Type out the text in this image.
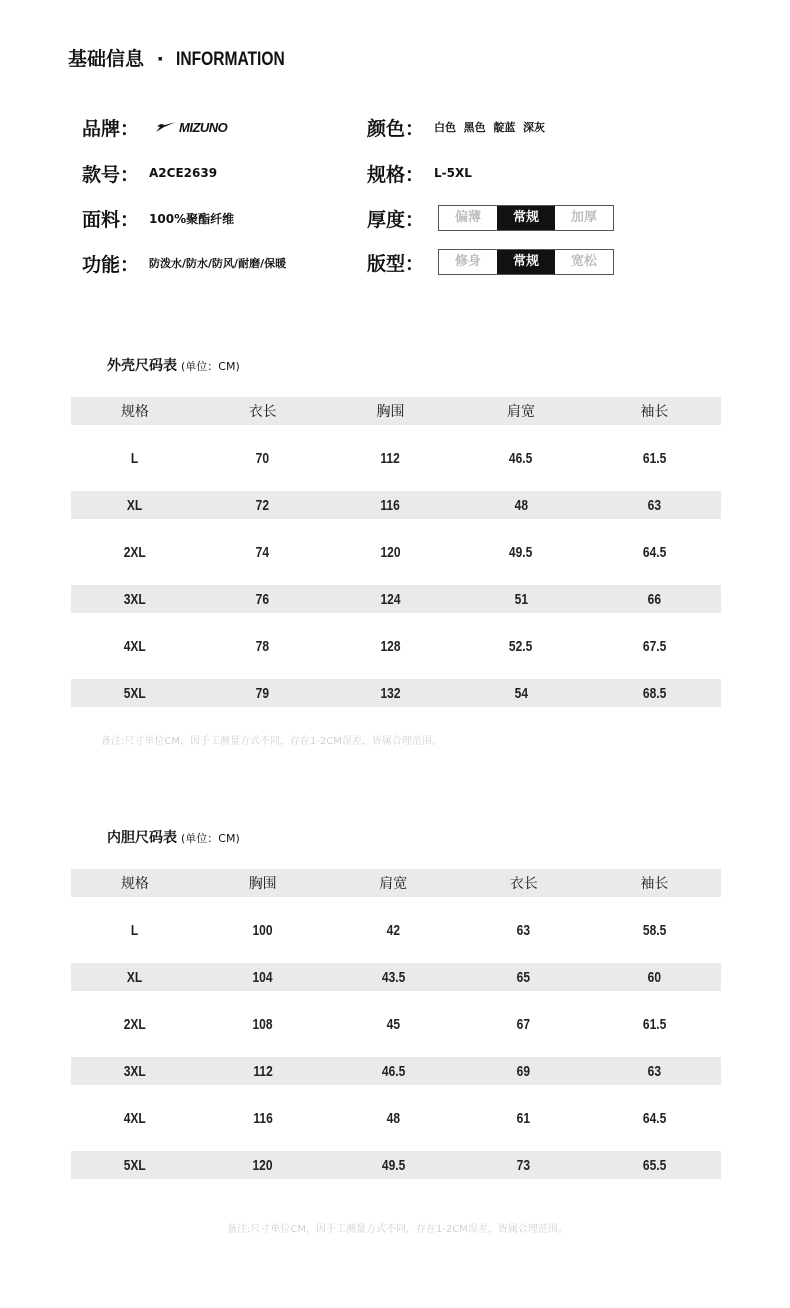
基础信息 · INFORMATION
品牌：	MIZUNO
款号： A2CE2639
面料： 100%聚酯纤维
功能： 防泼水/防水/防风/耐磨/保暖
颜色： 白色  黑色  靛蓝  深灰
规格： L-5XL
厚度：	偏薄	常规	加厚
版型：	修身	常规	宽松
外壳尺码表 (单位：CM)
规格	衣长	胸围	肩宽	袖长
L	70	112	46.5	61.5
XL	72	116	48	63
2XL	74	120	49.5	64.5
3XL	76	124	51	66
4XL	78	128	52.5	67.5
5XL	79	132	54	68.5
备注:尺寸单位CM，因手工测量方式不同，存在1-2CM误差，皆属合理范围。
内胆尺码表 (单位：CM)
规格	胸围	肩宽	衣长	袖长
L	100	42	63	58.5
XL	104	43.5	65	60
2XL	108	45	67	61.5
3XL	112	46.5	69	63
4XL	116	48	61	64.5
5XL	120	49.5	73	65.5
备注:尺寸单位CM，因手工测量方式不同，存在1-2CM误差，皆属合理范围。
